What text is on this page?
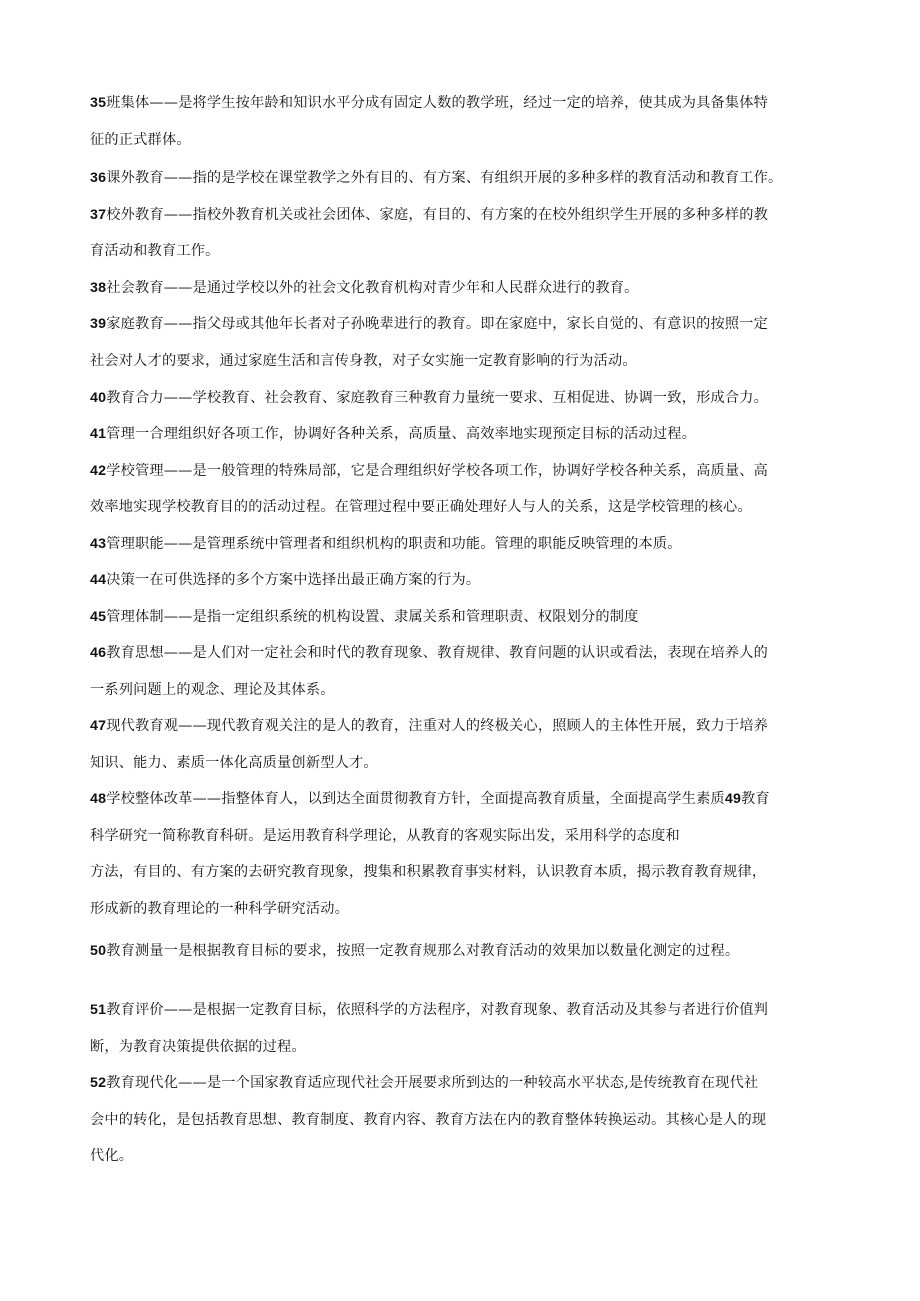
35班集体——是将学生按年龄和知识水平分成有固定人数的教学班，经过一定的培养，使其成为具备集体特
征的正式群体。
36课外教育——指的是学校在课堂教学之外有目的、有方案、有组织开展的多种多样的教育活动和教育工作。
37校外教育——指校外教育机关或社会团体、家庭，有目的、有方案的在校外组织学生开展的多种多样的教
育活动和教育工作。
38社会教育——是通过学校以外的社会文化教育机构对青少年和人民群众进行的教育。
39家庭教育——指父母或其他年长者对子孙晚辈进行的教育。即在家庭中，家长自觉的、有意识的按照一定
社会对人才的要求，通过家庭生活和言传身教，对子女实施一定教育影响的行为活动。
40教育合力——学校教育、社会教育、家庭教育三种教育力量统一要求、互相促进、协调一致，形成合力。
41管理一合理组织好各项工作，协调好各种关系，高质量、高效率地实现预定目标的活动过程。
42学校管理——是一般管理的特殊局部，它是合理组织好学校各项工作，协调好学校各种关系，高质量、高
效率地实现学校教育目的的活动过程。在管理过程中要正确处理好人与人的关系，这是学校管理的核心。
43管理职能——是管理系统中管理者和组织机构的职责和功能。管理的职能反映管理的本质。
44决策一在可供选择的多个方案中选择出最正确方案的行为。
45管理体制——是指一定组织系统的机构设置、隶属关系和管理职责、权限划分的制度
46教育思想——是人们对一定社会和时代的教育现象、教育规律、教育问题的认识或看法，表现在培养人的
一系列问题上的观念、理论及其体系。
47现代教育观——现代教育观关注的是人的教育，注重对人的终极关心，照顾人的主体性开展，致力于培养
知识、能力、素质一体化高质量创新型人才。
48学校整体改革——指整体育人，以到达全面贯彻教育方针，全面提高教育质量，全面提高学生素质49教育
科学研究一简称教育科研。是运用教育科学理论，从教育的客观实际出发，采用科学的态度和
方法，有目的、有方案的去研究教育现象，搜集和积累教育事实材料，认识教育本质，揭示教育教育规律，
形成新的教育理论的一种科学研究活动。
50教育测量一是根据教育目标的要求，按照一定教育规那么对教育活动的效果加以数量化测定的过程。
51教育评价——是根据一定教育目标，依照科学的方法程序，对教育现象、教育活动及其参与者进行价值判
断，为教育决策提供依据的过程。
52教育现代化——是一个国家教育适应现代社会开展要求所到达的一种较高水平状态,是传统教育在现代社
会中的转化，是包括教育思想、教育制度、教育内容、教育方法在内的教育整体转换运动。其核心是人的现
代化。
